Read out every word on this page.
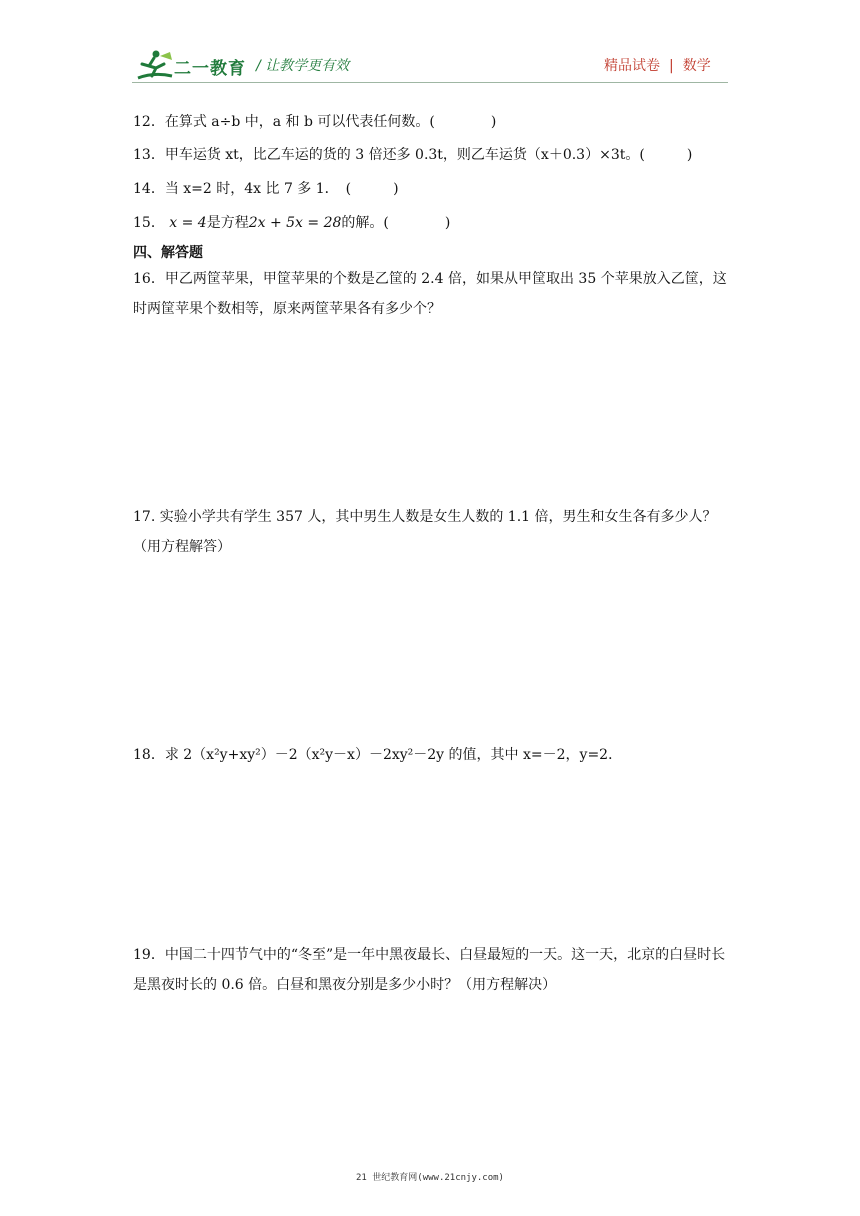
二一教育 / 让教学更有效	精品试卷 | 数学
12．在算式 a÷b 中，a 和 b 可以代表任何数。(　　　　)
13．甲车运货 xt，比乙车运的货的 3 倍还多 0.3t，则乙车运货（x＋0.3）×3t。(　　　)
14．当 x=2 时，4x 比 7 多 1．　(　　　)
15． x = 4是方程2x + 5x = 28的解。(　　　　)
四、解答题
16．甲乙两筐苹果，甲筐苹果的个数是乙筐的 2.4 倍，如果从甲筐取出 35 个苹果放入乙筐，这时两筐苹果个数相等，原来两筐苹果各有多少个？
17. 实验小学共有学生 357 人，其中男生人数是女生人数的 1.1 倍，男生和女生各有多少人？（用方程解答）
18．求 2（x²y+xy²）－2（x²y－x）－2xy²－2y 的值，其中 x=－2，y=2．
19．中国二十四节气中的“冬至”是一年中黑夜最长、白昼最短的一天。这一天，北京的白昼时长是黑夜时长的 0.6 倍。白昼和黑夜分别是多少小时？（用方程解决）
21 世纪教育网(www.21cnjy.com)
